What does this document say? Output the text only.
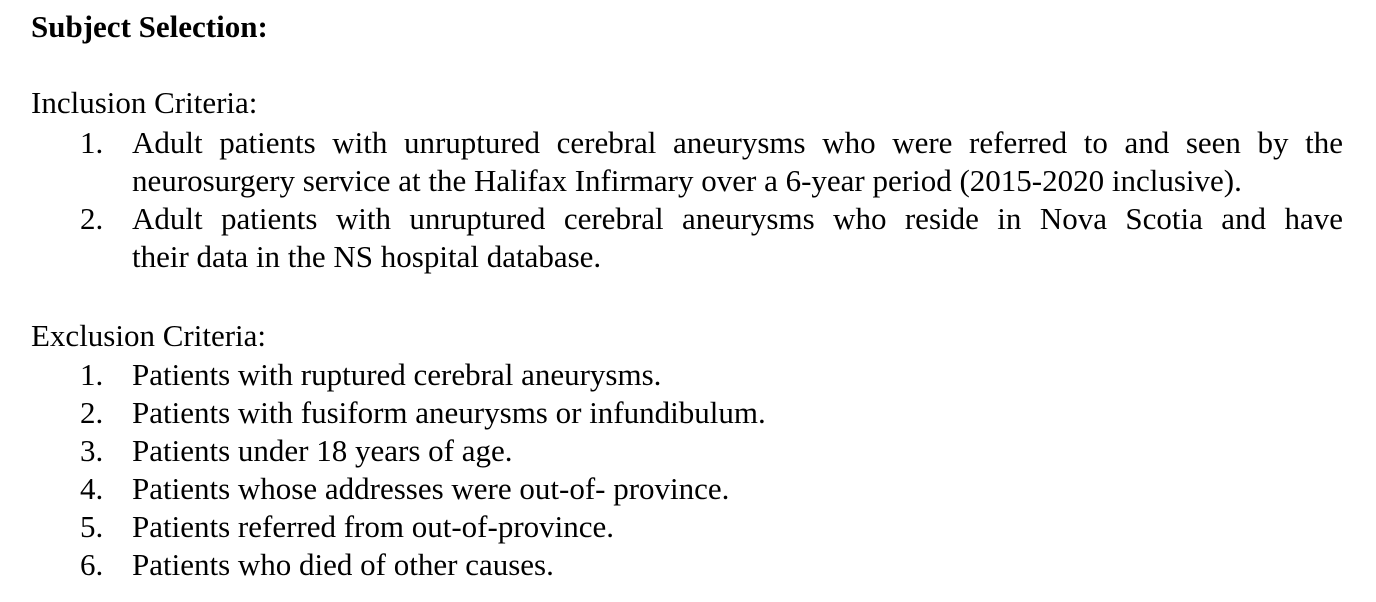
Subject Selection:
Inclusion Criteria:
1. Adult patients with unruptured cerebral aneurysms who were referred to and seen by the
neurosurgery service at the Halifax Infirmary over a 6-year period (2015-2020 inclusive).
2. Adult patients with unruptured cerebral aneurysms who reside in Nova Scotia and have
their data in the NS hospital database.
Exclusion Criteria:
1. Patients with ruptured cerebral aneurysms.
2. Patients with fusiform aneurysms or infundibulum.
3. Patients under 18 years of age.
4. Patients whose addresses were out-of- province.
5. Patients referred from out-of-province.
6. Patients who died of other causes.
